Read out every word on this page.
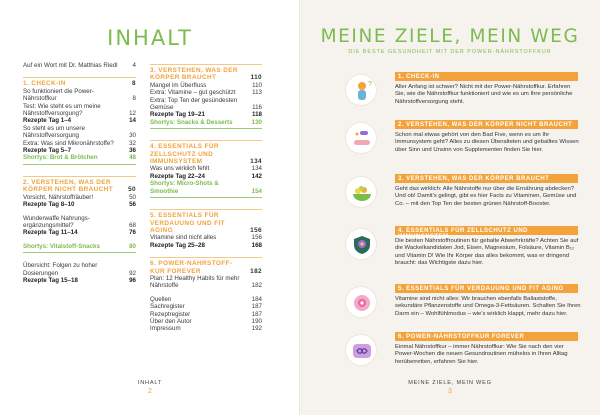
INHALT
Auf ein Wort mit Dr. Matthias Riedl	4
1. CHECK-IN	8
So funktioniert die Power-Nährstoffkur	8
Test: Wie steht es um meine Nährstoffversorgung?	12
Rezepte Tag 1–4	14
So steht es um unsere Nährstoffversorgung	30
Extra: Was sind Mikronährstoffe?	32
Rezepte Tag 5–7	36
Shortys: Brot & Brötchen	48
2. VERSTEHEN, WAS DER KÖRPER NICHT BRAUCHT	50
Vorsicht, Nährstoffräuber!	50
Rezepte Tag 8–10	56
Wunderwaffe Nahrungs-ergänzungsmittel?	68
Rezepte Tag 11–14	76
Shortys: Vitalstoff-Snacks	80
Übersicht: Folgen zu hoher Dosierungen	92
Rezepte Tag 15–18	96
3. VERSTEHEN, WAS DER KÖRPER BRAUCHT	110
Mangel im Überfluss	110
Extra: Vitamine – gut geschützt	113
Extra: Top Ten der gesündesten Gemüse	116
Rezepte Tag 19–21	118
Shortys: Snacks & Desserts	130
4. ESSENTIALS FÜR ZELLSCHUTZ UND IMMUNSYSTEM	134
Was uns wirklich fehlt	134
Rezepte Tag 22–24	142
Shortys: Micro-Shots & Smoothie	154
5. ESSENTIALS FÜR VERDAUUNG UND FIT AGING	156
Vitamine sind nicht alles	156
Rezepte Tag 25–28	168
6. POWER-NÄHRSTOFF-KUR FOREVER	182
Plan: 12 Healthy Habits für mehr Nährstoffe	182
Quellen	184
Sachregister	187
Rezeptregister	187
Über den Autor	190
Impressum	192
INHALT
2
MEINE ZIELE, MEIN WEG
DIE BESTE GESUNDHEIT MIT DER POWER-NÄHRSTOFFKUR
?
1. CHECK-IN
Aller Anfang ist schwer? Nicht mit der Power-Nährstoffkur. Erfahren Sie, wie die Nährstoffkur funktioniert und wie es um Ihre persönliche Nährstoffversorgung steht.
2. VERSTEHEN, WAS DER KÖRPER NICHT BRAUCHT
Schon mal etwas gehört von den Bad Five, wenn es um Ihr Immunsystem geht? Alles zu diesen Überalteten und geballtes Wissen über Sinn und Unsinn von Supplementen finden Sie hier.
3. VERSTEHEN, WAS DER KÖRPER BRAUCHT
Geht das wirklich: Alle Nährstoffe nur über die Ernährung abdecken? Und ob! Damit's gelingt, gibt es hier Facts zu Vitaminen, Gemüse und Co. – mit den Top Ten der besten grünen Nährstoff-Booster.
4. ESSENTIALS FÜR ZELLSCHUTZ UND IMMUNSYSTEM
Die besten Nährstoffroutinen für gebalte Abwehrkräfte? Achten Sie auf die Wackelkandidaten Jod, Eisen, Magnesium, Folsäure, Vitamin B₁₂ und Vitamin D! Wie Ihr Körper das alles bekommt, was er dringend braucht: das Wichtigste dazu hier.
5. ESSENTIALS FÜR VERDAUUNG UND FIT AGING
Vitamine sind nicht alles: Wir brauchen ebenfalls Ballaststoffe, sekundäre Pflanzenstoffe und Omega-3-Fettsäuren. Schalten Sie Ihren Darm ein – Wohlfühlmodus – wie's wirklich klappt, mehr dazu hier.
6. POWER-NÄHRSTOFFKUR FOREVER
Einmal Nährstoffkur – immer Nährstoffkur: Wie Sie nach den vier Power-Wochen die neuen Gesundroutinen mühelos in Ihren Alltag herüberretten, erfahren Sie hier.
MEINE ZIELE, MEIN WEG
3
